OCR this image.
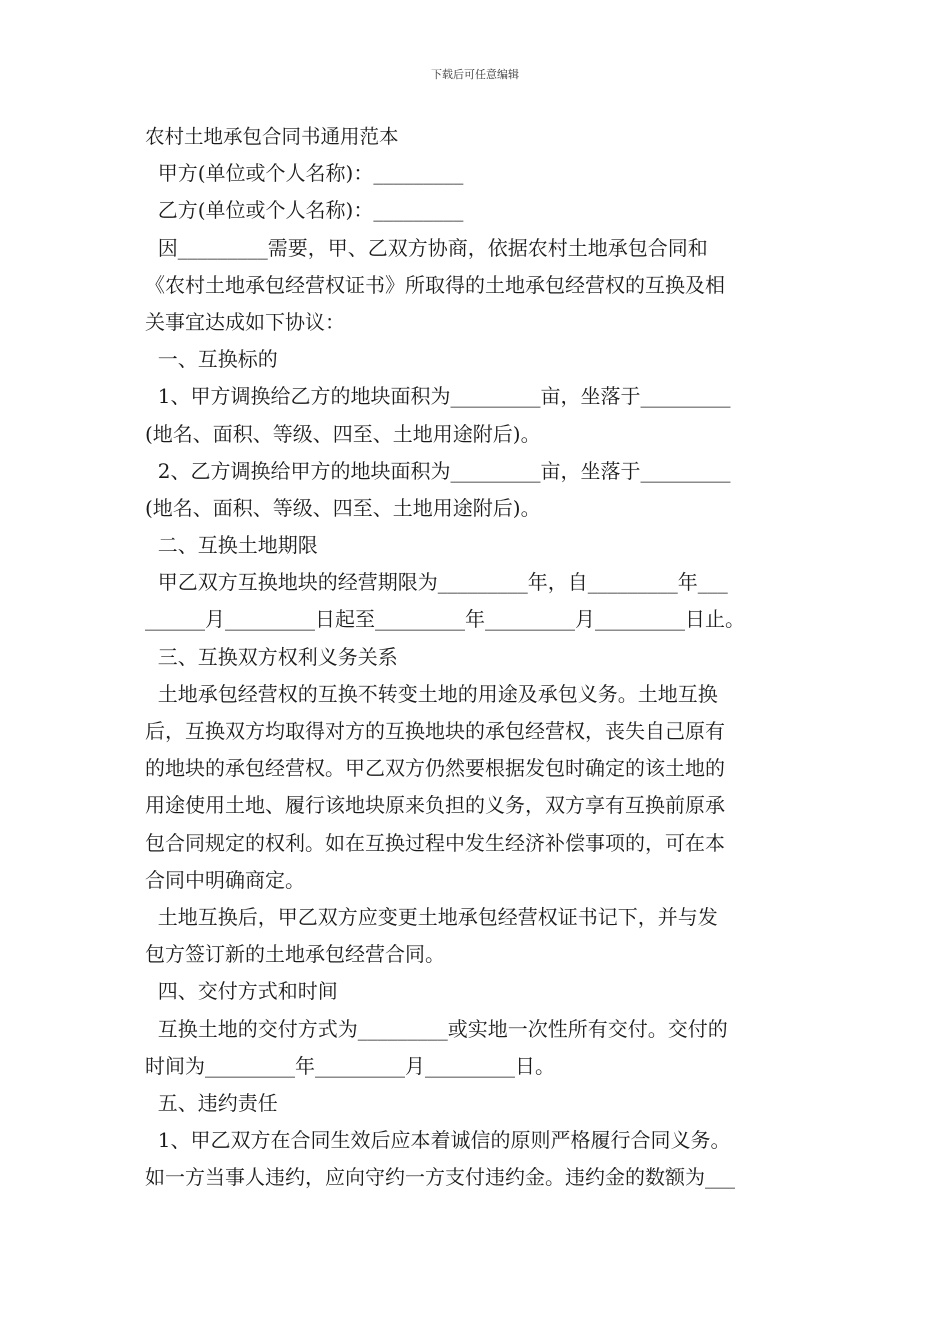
下载后可任意编辑
农村土地承包合同书通用范本
甲方(单位或个人名称)：_________
乙方(单位或个人名称)：_________
因_________需要，甲、乙双方协商，依据农村土地承包合同和
《农村土地承包经营权证书》所取得的土地承包经营权的互换及相
关事宜达成如下协议：
一、互换标的
1、甲方调换给乙方的地块面积为_________亩，坐落于_________
(地名、面积、等级、四至、土地用途附后)。
2、乙方调换给甲方的地块面积为_________亩，坐落于_________
(地名、面积、等级、四至、土地用途附后)。
二、互换土地期限
甲乙双方互换地块的经营期限为_________年，自_________年___
______月_________日起至_________年_________月_________日止。
三、互换双方权利义务关系
土地承包经营权的互换不转变土地的用途及承包义务。土地互换
后，互换双方均取得对方的互换地块的承包经营权，丧失自己原有
的地块的承包经营权。甲乙双方仍然要根据发包时确定的该土地的
用途使用土地、履行该地块原来负担的义务，双方享有互换前原承
包合同规定的权利。如在互换过程中发生经济补偿事项的，可在本
合同中明确商定。
土地互换后，甲乙双方应变更土地承包经营权证书记下，并与发
包方签订新的土地承包经营合同。
四、交付方式和时间
互换土地的交付方式为_________或实地一次性所有交付。交付的
时间为_________年_________月_________日。
五、违约责任
1、甲乙双方在合同生效后应本着诚信的原则严格履行合同义务。
如一方当事人违约，应向守约一方支付违约金。违约金的数额为___
